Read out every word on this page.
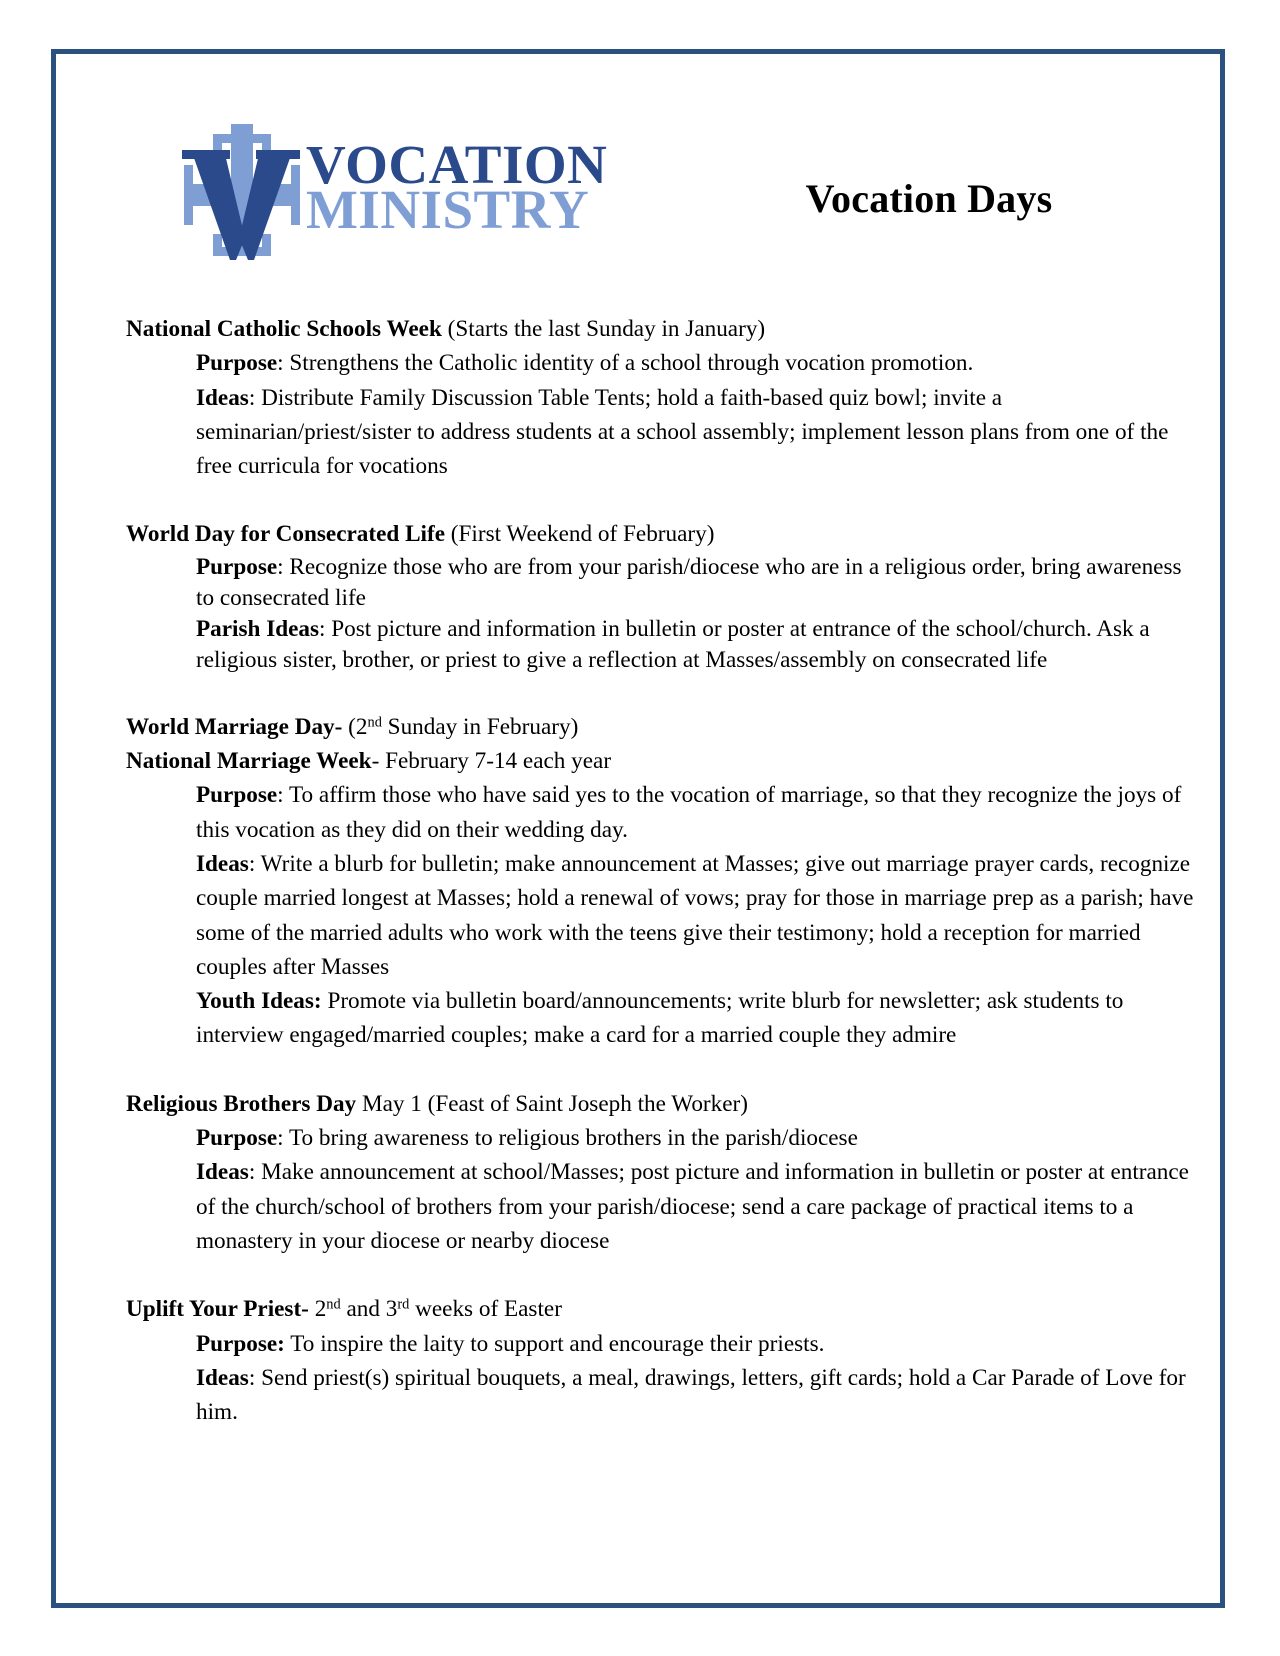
VOCATION
MINISTRY	Vocation Days

National Catholic Schools Week (Starts the last Sunday in January)

Purpose: Strengthens the Catholic identity of a school through vocation promotion.

Ideas: Distribute Family Discussion Table Tents; hold a faith-based quiz bowl; invite a seminarian/priest/sister to address students at a school assembly; implement lesson plans from one of the free curricula for vocations

World Day for Consecrated Life (First Weekend of February)

Purpose: Recognize those who are from your parish/diocese who are in a religious order, bring awareness to consecrated life

Parish Ideas: Post picture and information in bulletin or poster at entrance of the school/church. Ask a religious sister, brother, or priest to give a reflection at Masses/assembly on consecrated life

World Marriage Day- (2nd Sunday in February)

National Marriage Week- February 7-14 each year

Purpose: To affirm those who have said yes to the vocation of marriage, so that they recognize the joys of this vocation as they did on their wedding day.

Ideas: Write a blurb for bulletin; make announcement at Masses; give out marriage prayer cards, recognize couple married longest at Masses; hold a renewal of vows; pray for those in marriage prep as a parish; have some of the married adults who work with the teens give their testimony; hold a reception for married couples after Masses

Youth Ideas: Promote via bulletin board/announcements; write blurb for newsletter; ask students to interview engaged/married couples; make a card for a married couple they admire

Religious Brothers Day May 1 (Feast of Saint Joseph the Worker)

Purpose: To bring awareness to religious brothers in the parish/diocese

Ideas: Make announcement at school/Masses; post picture and information in bulletin or poster at entrance of the church/school of brothers from your parish/diocese; send a care package of practical items to a monastery in your diocese or nearby diocese

Uplift Your Priest- 2nd and 3rd weeks of Easter

Purpose: To inspire the laity to support and encourage their priests.

Ideas: Send priest(s) spiritual bouquets, a meal, drawings, letters, gift cards; hold a Car Parade of Love for him.
